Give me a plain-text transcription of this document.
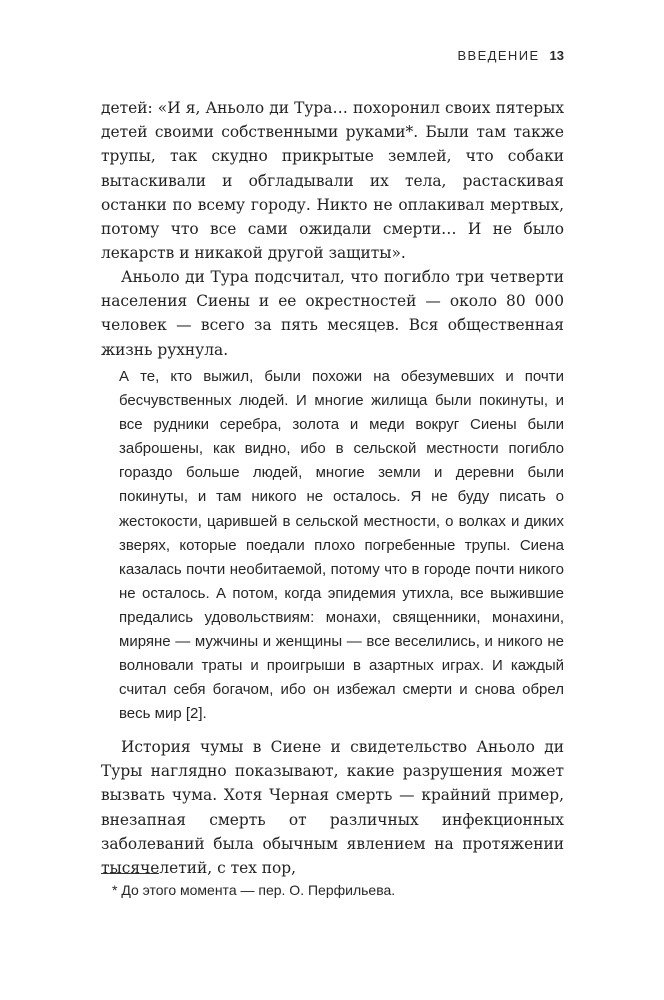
ВВЕДЕНИЕ 13

детей: «И я, Аньоло ди Тура… похоронил своих пятерых детей своими собственными руками*. Были там также трупы, так скудно прикрытые землей, что собаки вытаскивали и обгладывали их тела, растаскивая останки по всему городу. Никто не оплакивал мертвых, потому что все сами ожидали смерти… И не было лекарств и никакой другой защиты».

Аньоло ди Тура подсчитал, что погибло три четверти населения Сиены и ее окрестностей — около 80 000 человек — всего за пять месяцев. Вся общественная жизнь рухнула.

А те, кто выжил, были похожи на обезумевших и почти бесчувственных людей. И многие жилища были покинуты, и все рудники серебра, золота и меди вокруг Сиены были заброшены, как видно, ибо в сельской местности погибло гораздо больше людей, многие земли и деревни были покинуты, и там никого не осталось. Я не буду писать о жестокости, царившей в сельской местности, о волках и диких зверях, которые поедали плохо погребенные трупы. Сиена казалась почти необитаемой, потому что в городе почти никого не осталось. А потом, когда эпидемия утихла, все выжившие предались удовольствиям: монахи, священники, монахини, миряне — мужчины и женщины — все веселились, и никого не волновали траты и проигрыши в азартных играх. И каждый считал себя богачом, ибо он избежал смерти и снова обрел весь мир [2].

История чумы в Сиене и свидетельство Аньоло ди Туры наглядно показывают, какие разрушения может вызвать чума. Хотя Черная смерть — крайний пример, внезапная смерть от различных инфекционных заболеваний была обычным явлением на протяжении тысячелетий, с тех пор,

* До этого момента — пер. О. Перфильева.
